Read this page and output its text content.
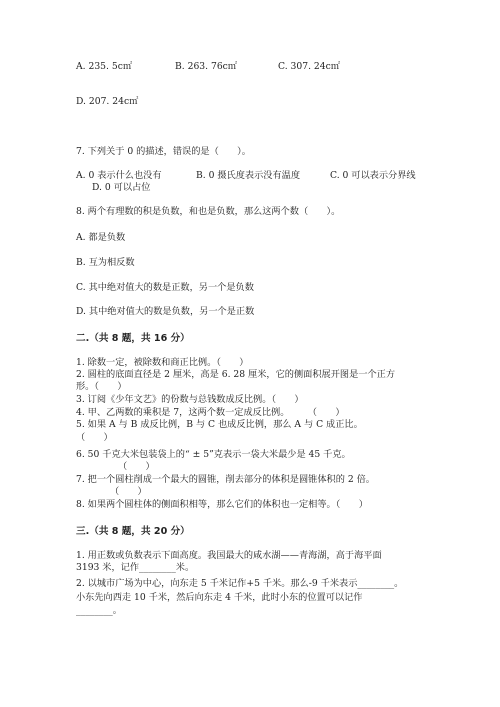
A. 235. 5c㎡	B. 263. 76c㎡	C. 307. 24c㎡
D. 207. 24c㎡
7. 下列关于 0 的描述，错误的是（　　）。
A. 0 表示什么也没有	B. 0 摄氏度表示没有温度	C. 0 可以表示分界线
D. 0 可以占位
8. 两个有理数的积是负数，和也是负数，那么这两个数（　　）。
A. 都是负数
B. 互为相反数
C. 其中绝对值大的数是正数，另一个是负数
D. 其中绝对值大的数是负数，另一个是正数
二.（共 8 题，共 16 分）
1. 除数一定，被除数和商正比例。（　　）
2. 圆柱的底面直径是 2 厘米，高是 6. 28 厘米，它的侧面积展开图是一个正方
形。（　　）
3. 订阅《少年文艺》的份数与总钱数成反比例。（　　）
4. 甲、乙两数的乘积是 7，这两个数一定成反比例。　　　（　　）
5. 如果 A 与 B 成反比例，B 与 C 也成反比例，那么 A 与 C 成正比。
（　　）
6. 50 千克大米包装袋上的“ ± 5”克表示一袋大米最少是 45 千克。
（　　）
7. 把一个圆柱削成一个最大的圆锥，削去部分的体积是圆锥体积的 2 倍。
（　　）
8. 如果两个圆柱体的侧面积相等，那么它们的体积也一定相等。（　　）
三.（共 8 题，共 20 分）
1. 用正数或负数表示下面高度。我国最大的咸水湖——青海湖，高于海平面
3193 米，记作________米。
2. 以城市广场为中心，向东走 5 千米记作+5 千米。那么-9 千米表示________。
小东先向西走 10 千米，然后向东走 4 千米，此时小东的位置可以记作
________。
